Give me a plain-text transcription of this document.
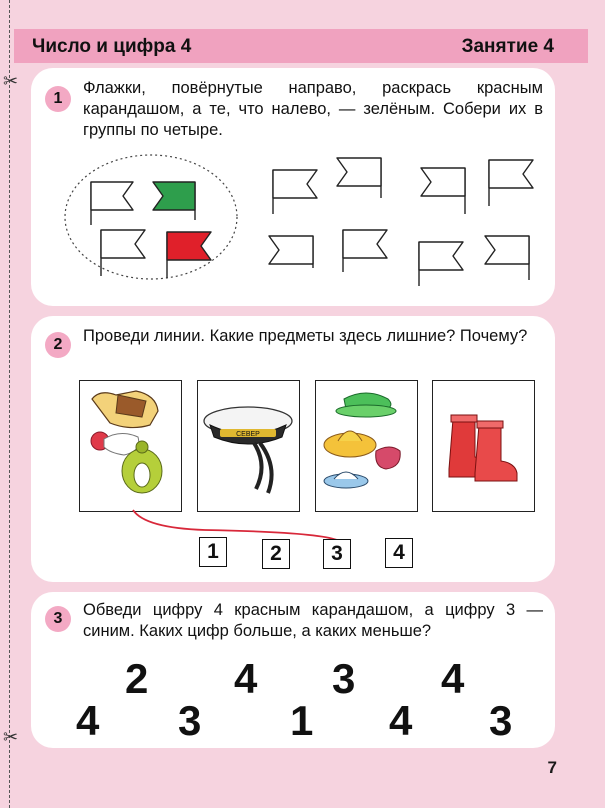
✂
✂
Число и цифра 4	Занятие 4
1
Флажки, повёрнутые направо, раскрась красным карандашом, а те, что налево, — зелёным. Собери их в группы по четыре.
2	Проведи линии. Какие предметы здесь лишние? Почему?
СЕВЕР
1	2	3	4
3	Обведи цифру 4 красным карандашом, а цифру 3 — синим. Каких цифр больше, а каких меньше?
2 4 3 4
4 3 1 4 3
7
